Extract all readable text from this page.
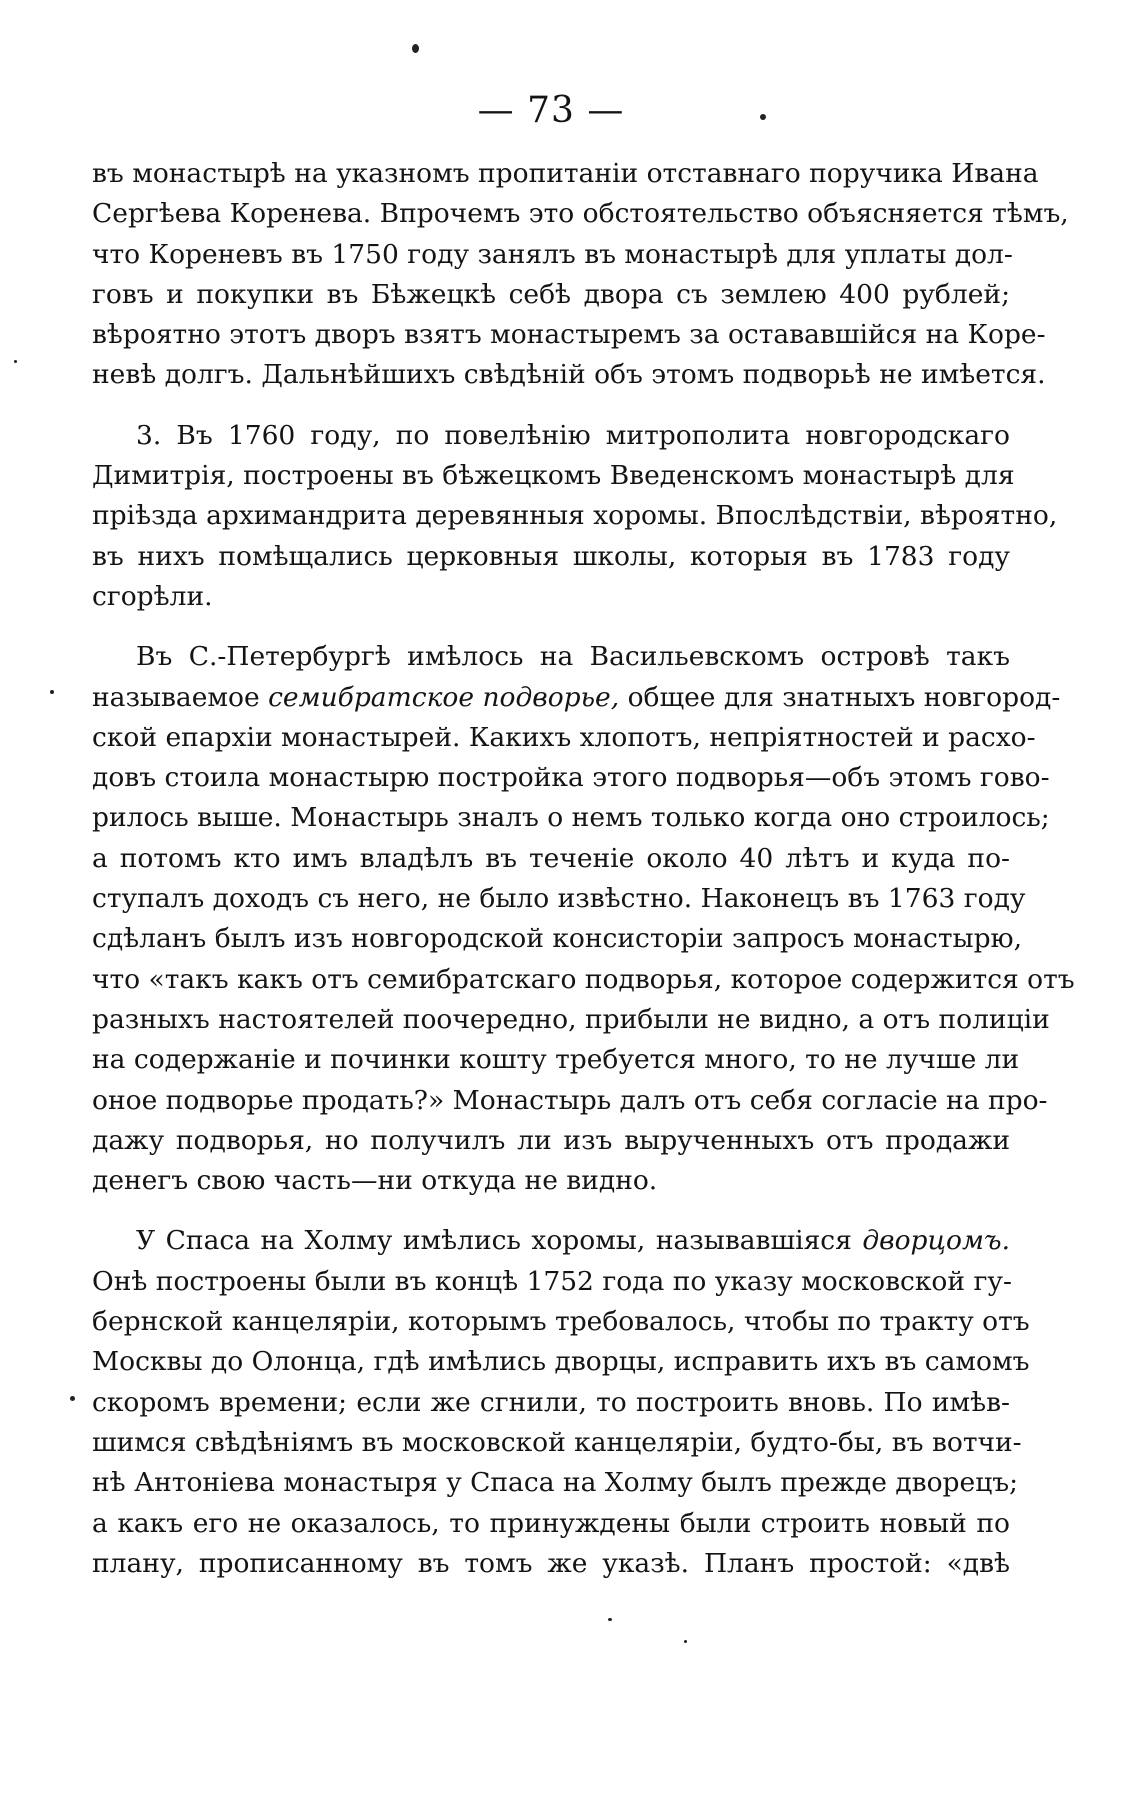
— 73 —
въ монастырѣ на указномъ пропитаніи отставнаго поручика Ивана
Сергѣева Коренева. Впрочемъ это обстоятельство объясняется тѣмъ,
что Кореневъ въ 1750 году занялъ въ монастырѣ для уплаты дол-
говъ и покупки въ Бѣжецкѣ себѣ двора съ землею 400 рублей;
вѣроятно этотъ дворъ взятъ монастыремъ за остававшійся на Коре-
невѣ долгъ. Дальнѣйшихъ свѣдѣній объ этомъ подворьѣ не имѣется.
3. Въ 1760 году, по повелѣнію митрополита новгородскаго
Димитрія, построены въ бѣжецкомъ Введенскомъ монастырѣ для
пріѣзда архимандрита деревянныя хоромы. Впослѣдствіи, вѣроятно,
въ нихъ помѣщались церковныя школы, которыя въ 1783 году
сгорѣли.
Въ С.-Петербургѣ имѣлось на Васильевскомъ островѣ такъ
называемое семибратское подворье, общее для знатныхъ новгород-
ской епархіи монастырей. Какихъ хлопотъ, непріятностей и расхо-
довъ стоила монастырю постройка этого подворья—объ этомъ гово-
рилось выше. Монастырь зналъ о немъ только когда оно строилось;
а потомъ кто имъ владѣлъ въ теченіе около 40 лѣтъ и куда по-
ступалъ доходъ съ него, не было извѣстно. Наконецъ въ 1763 году
сдѣланъ былъ изъ новгородской консисторіи запросъ монастырю,
что «такъ какъ отъ семибратскаго подворья, которое содержится отъ
разныхъ настоятелей поочередно, прибыли не видно, а отъ полиціи
на содержаніе и починки кошту требуется много, то не лучше ли
оное подворье продать?» Монастырь далъ отъ себя согласіе на про-
дажу подворья, но получилъ ли изъ вырученныхъ отъ продажи
денегъ свою часть—ни откуда не видно.
У Спаса на Холму имѣлись хоромы, называвшіяся дворцомъ.
Онѣ построены были въ концѣ 1752 года по указу московской гу-
бернской канцеляріи, которымъ требовалось, чтобы по тракту отъ
Москвы до Олонца, гдѣ имѣлись дворцы, исправить ихъ въ самомъ
скоромъ времени; если же сгнили, то построить вновь. По имѣв-
шимся свѣдѣніямъ въ московской канцеляріи, будто-бы, въ вотчи-
нѣ Антоніева монастыря у Спаса на Холму былъ прежде дворецъ;
а какъ его не оказалось, то принуждены были строить новый по
плану, прописанному въ томъ же указѣ. Планъ простой: «двѣ
